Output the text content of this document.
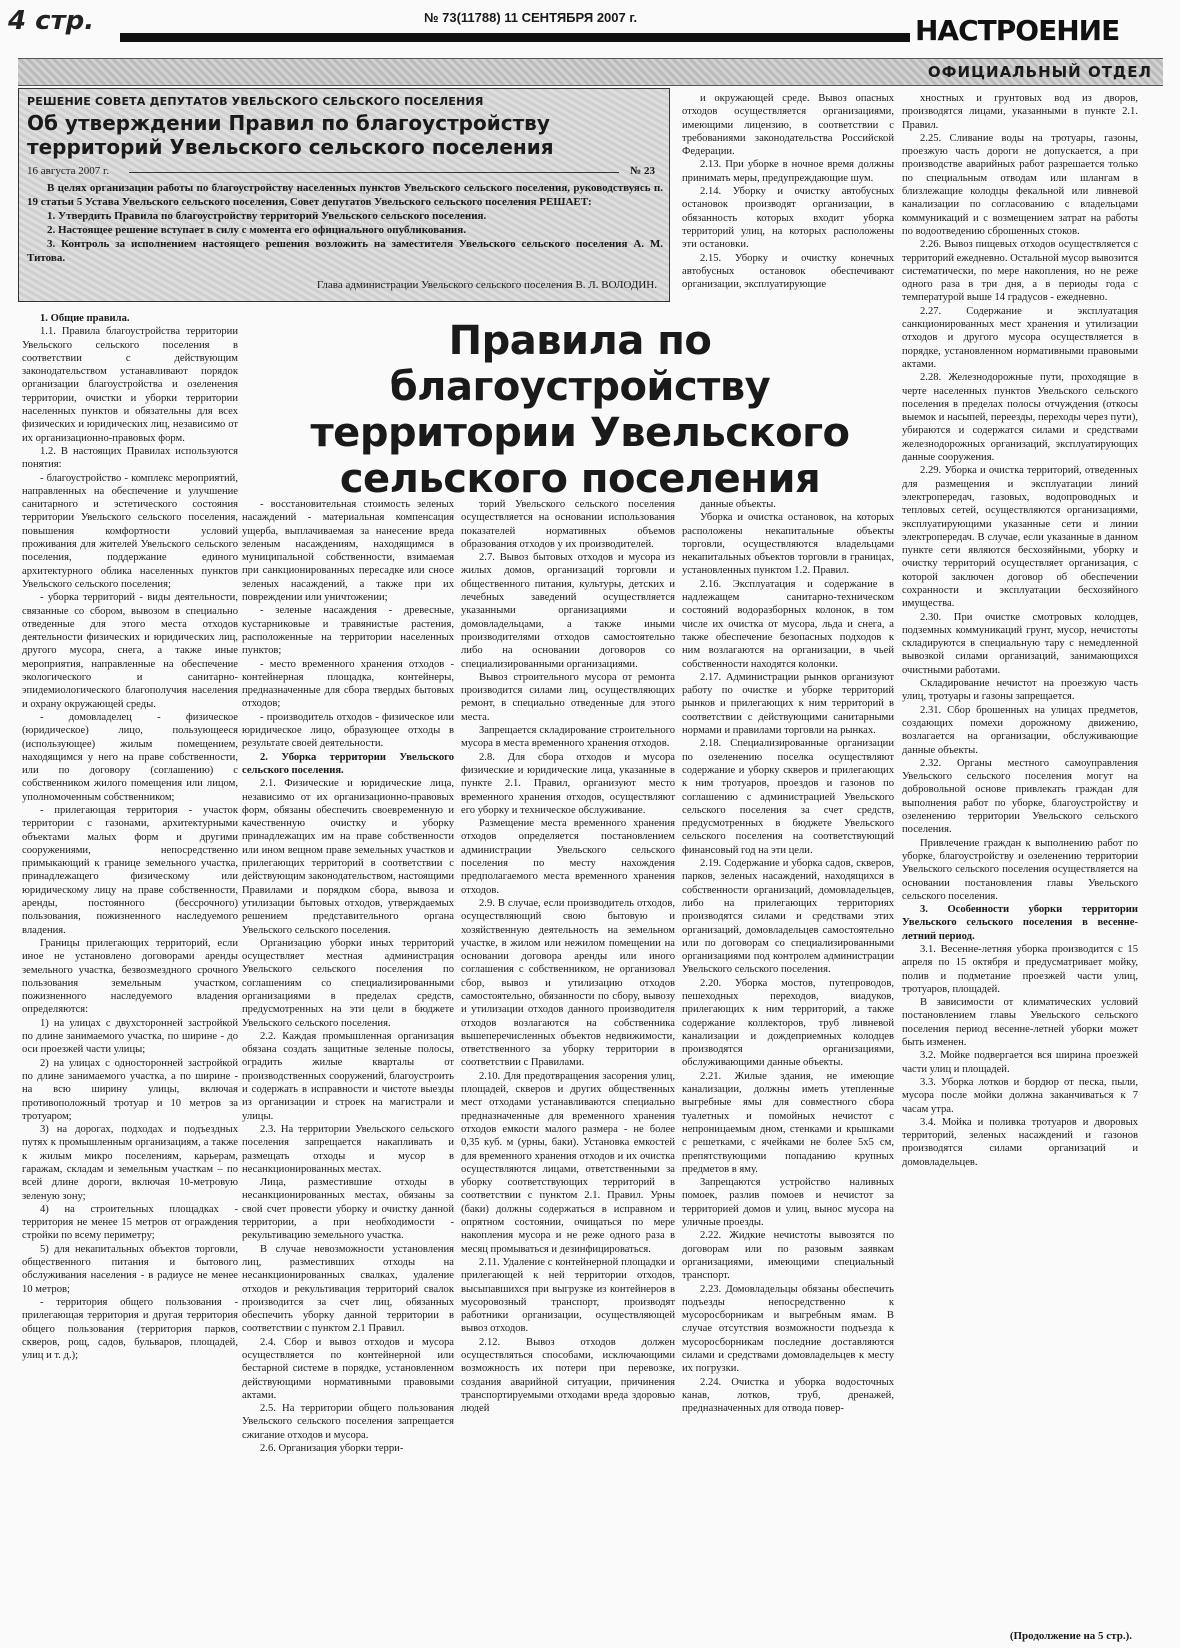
4 стр.	№ 73(11788) 11 СЕНТЯБРЯ 2007 г.	НАСТРОЕНИЕ
ОФИЦИАЛЬНЫЙ ОТДЕЛ
РЕШЕНИЕ СОВЕТА ДЕПУТАТОВ УВЕЛЬСКОГО СЕЛЬСКОГО ПОСЕЛЕНИЯ
Об утверждении Правил по благоустройству территорий Увельского сельского поселения
16 августа 2007 г.	№ 23

В целях организации работы по благоустройству населенных пунктов Увельского сельского поселения, руководствуясь п. 19 статьи 5 Устава Увельского сельского поселения, Совет депутатов Увельского сельского поселения РЕШАЕТ:

1. Утвердить Правила по благоустройству территорий Увельского сельского поселения.

2. Настоящее решение вступает в силу с момента его официального опубликования.

3. Контроль за исполнением настоящего решения возложить на заместителя Увельского сельского поселения А. М. Титова.

Глава администрации Увельского сельского поселения В. Л. ВОЛОДИН.
Правила по благоустройству территории Увельского сельского поселения

1. Общие правила.

1.1. Правила благоустройства территории Увельского сельского поселения в соответствии с действующим законодательством устанавливают порядок организации благоустройства и озеленения территории, очистки и уборки территории населенных пунктов и обязательны для всех физических и юридических лиц, независимо от их организационно-правовых форм.

1.2. В настоящих Правилах используются понятия:

- благоустройство - комплекс мероприятий, направленных на обеспечение и улучшение санитарного и эстетического состояния территории Увельского сельского поселения, повышения комфортности условий проживания для жителей Увельского сельского поселения, поддержание единого архитектурного облика населенных пунктов Увельского сельского поселения;

- уборка территорий - виды деятельности, связанные со сбором, вывозом в специально отведенные для этого места отходов деятельности физических и юридических лиц, другого мусора, снега, а также иные мероприятия, направленные на обеспечение экологического и санитарно-эпидемиологического благополучия населения и охрану окружающей среды.

- домовладелец - физическое (юридическое) лицо, пользующееся (использующее) жилым помещением, находящимся у него на праве собственности, или по договору (соглашению) с собственником жилого помещения или лицом, уполномоченным собственником;

- прилегающая территория - участок территории с газонами, архитектурными объектами малых форм и другими сооружениями, непосредственно примыкающий к границе земельного участка, принадлежащего физическому или юридическому лицу на праве собственности, аренды, постоянного (бессрочного) пользования, пожизненного наследуемого владения.

Границы прилегающих территорий, если иное не установлено договорами аренды земельного участка, безвозмездного срочного пользования земельным участком, пожизненного наследуемого владения определяются:

1) на улицах с двухсторонней застройкой по длине занимаемого участка, по ширине - до оси проезжей части улицы;

2) на улицах с односторонней застройкой по длине занимаемого участка, а по ширине - на всю ширину улицы, включая противоположный тротуар и 10 метров за тротуаром;

3) на дорогах, подходах и подъездных путях к промышленным организациям, а также к жилым микро поселениям, карьерам, гаражам, складам и земельным участкам – по всей длине дороги, включая 10-метровую зеленую зону;

4) на строительных площадках - территория не менее 15 метров от ограждения стройки по всему периметру;

5) для некапитальных объектов торговли, общественного питания и бытового обслуживания населения - в радиусе не менее 10 метров;

- территория общего пользования - прилегающая территория и другая территория общего пользования (территория парков, скверов, рощ, садов, бульваров, площадей, улиц и т. д.);

- восстановительная стоимость зеленых насаждений - материальная компенсация ущерба, выплачиваемая за нанесение вреда зеленым насаждениям, находящимся в муниципальной собственности, взимаемая при санкционированных пересадке или сносе зеленых насаждений, а также при их повреждении или уничтожении;

- зеленые насаждения - древесные, кустарниковые и травянистые растения, расположенные на территории населенных пунктов;

- место временного хранения отходов - контейнерная площадка, контейнеры, предназначенные для сбора твердых бытовых отходов;

- производитель отходов - физическое или юридическое лицо, образующее отходы в результате своей деятельности.

2. Уборка территории Увельского сельского поселения.

2.1. Физические и юридические лица, независимо от их организационно-правовых форм, обязаны обеспечить своевременную и качественную очистку и уборку принадлежащих им на праве собственности или ином вещном праве земельных участков и прилегающих территорий в соответствии с действующим законодательством, настоящими Правилами и порядком сбора, вывоза и утилизации бытовых отходов, утверждаемых решением представительного органа Увельского сельского поселения.

Организацию уборки иных территорий осуществляет местная администрация Увельского сельского поселения по соглашениям со специализированными организациями в пределах средств, предусмотренных на эти цели в бюджете Увельского сельского поселения.

2.2. Каждая промышленная организация обязана создать защитные зеленые полосы, оградить жилые кварталы от производственных сооружений, благоустроить и содержать в исправности и чистоте выезды из организации и строек на магистрали и улицы.

2.3. На территории Увельского сельского поселения запрещается накапливать и размещать отходы и мусор в несанкционированных местах.

Лица, разместившие отходы в несанкционированных местах, обязаны за свой счет провести уборку и очистку данной территории, а при необходимости - рекультивацию земельного участка.

В случае невозможности установления лиц, разместивших отходы на несанкционированных свалках, удаление отходов и рекультивация территорий свалок производится за счет лиц, обязанных обеспечить уборку данной территории в соответствии с пунктом 2.1 Правил.

2.4. Сбор и вывоз отходов и мусора осуществляется по контейнерной или бестарной системе в порядке, установленном действующими нормативными правовыми актами.

2.5. На территории общего пользования Увельского сельского поселения запрещается сжигание отходов и мусора.

2.6. Организация уборки терри-

торий Увельского сельского поселения осуществляется на основании использования показателей нормативных объемов образования отходов у их производителей.

2.7. Вывоз бытовых отходов и мусора из жилых домов, организаций торговли и общественного питания, культуры, детских и лечебных заведений осуществляется указанными организациями и домовладельцами, а также иными производителями отходов самостоятельно либо на основании договоров со специализированными организациями.

Вывоз строительного мусора от ремонта производится силами лиц, осуществляющих ремонт, в специально отведенные для этого места.

Запрещается складирование строительного мусора в места временного хранения отходов.

2.8. Для сбора отходов и мусора физические и юридические лица, указанные в пункте 2.1. Правил, организуют место временного хранения отходов, осуществляют его уборку и техническое обслуживание.

Размещение места временного хранения отходов определяется постановлением администрации Увельского сельского поселения по месту нахождения предполагаемого места временного хранения отходов.

2.9. В случае, если производитель отходов, осуществляющий свою бытовую и хозяйственную деятельность на земельном участке, в жилом или нежилом помещении на основании договора аренды или иного соглашения с собственником, не организовал сбор, вывоз и утилизацию отходов самостоятельно, обязанности по сбору, вывозу и утилизации отходов данного производителя отходов возлагаются на собственника вышеперечисленных объектов недвижимости, ответственного за уборку территории в соответствии с Правилами.

2.10. Для предотвращения засорения улиц, площадей, скверов и других общественных мест отходами устанавливаются специально предназначенные для временного хранения отходов емкости малого размера - не более 0,35 куб. м (урны, баки). Установка емкостей для временного хранения отходов и их очистка осуществляются лицами, ответственными за уборку соответствующих территорий в соответствии с пунктом 2.1. Правил. Урны (баки) должны содержаться в исправном и опрятном состоянии, очищаться по мере накопления мусора и не реже одного раза в месяц промываться и дезинфицироваться.

2.11. Удаление с контейнерной площадки и прилегающей к ней территории отходов, высыпавшихся при выгрузке из контейнеров в мусоровозный транспорт, производят работники организации, осуществляющей вывоз отходов.

2.12. Вывоз отходов должен осуществляться способами, исключающими возможность их потери при перевозке, создания аварийной ситуации, причинения транспортируемыми отходами вреда здоровью людей

и окружающей среде. Вывоз опасных отходов осуществляется организациями, имеющими лицензию, в соответствии с требованиями законодательства Российской Федерации.

2.13. При уборке в ночное время должны принимать меры, предупреждающие шум.

2.14. Уборку и очистку автобусных остановок производят организации, в обязанность которых входит уборка территорий улиц, на которых расположены эти остановки.

2.15. Уборку и очистку конечных автобусных остановок обеспечивают организации, эксплуатирующие

данные объекты.

Уборка и очистка остановок, на которых расположены некапитальные объекты торговли, осуществляются владельцами некапитальных объектов торговли в границах, установленных пунктом 1.2. Правил.

2.16. Эксплуатация и содержание в надлежащем санитарно-техническом состояний водоразборных колонок, в том числе их очистка от мусора, льда и снега, а также обеспечение безопасных подходов к ним возлагаются на организации, в чьей собственности находятся колонки.

2.17. Администрации рынков организуют работу по очистке и уборке территорий рынков и прилегающих к ним территорий в соответствии с действующими санитарными нормами и правилами торговли на рынках.

2.18. Специализированные организации по озеленению поселка осуществляют содержание и уборку скверов и прилегающих к ним тротуаров, проездов и газонов по соглашению с администрацией Увельского сельского поселения за счет средств, предусмотренных в бюджете Увельского сельского поселения на соответствующий финансовый год на эти цели.

2.19. Содержание и уборка садов, скверов, парков, зеленых насаждений, находящихся в собственности организаций, домовладельцев, либо на прилегающих территориях производятся силами и средствами этих организаций, домовладельцев самостоятельно или по договорам со специализированными организациями под контролем администрации Увельского сельского поселения.

2.20. Уборка мостов, путепроводов, пешеходных переходов, виадуков, прилегающих к ним территорий, а также содержание коллекторов, труб ливневой канализации и дождеприемных колодцев производятся организациями, обслуживающими данные объекты.

2.21. Жилые здания, не имеющие канализации, должны иметь утепленные выгребные ямы для совместного сбора туалетных и помойных нечистот с непроницаемым дном, стенками и крышками с решетками, с ячейками не более 5х5 см, препятствующими попаданию крупных предметов в яму.

Запрещаются устройство наливных помоек, разлив помоев и нечистот за территорией домов и улиц, вынос мусора на уличные проезды.

2.22. Жидкие нечистоты вывозятся по договорам или по разовым заявкам организациями, имеющими специальный транспорт.

2.23. Домовладельцы обязаны обеспечить подъезды непосредственно к мусоросборникам и выгребным ямам. В случае отсутствия возможности подъезда к мусоросборникам последние доставляются силами и средствами домовладельцев к месту их погрузки.

2.24. Очистка и уборка водосточных канав, лотков, труб, дренажей, предназначенных для отвода повер-

хностных и грунтовых вод из дворов, производятся лицами, указанными в пункте 2.1. Правил.

2.25. Сливание воды на тротуары, газоны, проезжую часть дороги не допускается, а при производстве аварийных работ разрешается только по специальным отводам или шлангам в близлежащие колодцы фекальной или ливневой канализации по согласованию с владельцами коммуникаций и с возмещением затрат на работы по водоотведению сброшенных стоков.

2.26. Вывоз пищевых отходов осуществляется с территорий ежедневно. Остальной мусор вывозится систематически, по мере накопления, но не реже одного раза в три дня, а в периоды года с температурой выше 14 градусов - ежедневно.

2.27. Содержание и эксплуатация санкционированных мест хранения и утилизации отходов и другого мусора осуществляется в порядке, установленном нормативными правовыми актами.

2.28. Железнодорожные пути, проходящие в черте населенных пунктов Увельского сельского поселения в пределах полосы отчуждения (откосы выемок и насыпей, переезды, переходы через пути), убираются и содержатся силами и средствами железнодорожных организаций, эксплуатирующих данные сооружения.

2.29. Уборка и очистка территорий, отведенных для размещения и эксплуатации линий электропередач, газовых, водопроводных и тепловых сетей, осуществляются организациями, эксплуатирующими указанные сети и линии электропередач. В случае, если указанные в данном пункте сети являются бесхозяйными, уборку и очистку территорий осуществляет организация, с которой заключен договор об обеспечении сохранности и эксплуатации бесхозяйного имущества.

2.30. При очистке смотровых колодцев, подземных коммуникаций грунт, мусор, нечистоты складируются в специальную тару с немедленной вывозкой силами организаций, занимающихся очистными работами.

Складирование нечистот на проезжую часть улиц, тротуары и газоны запрещается.

2.31. Сбор брошенных на улицах предметов, создающих помехи дорожному движению, возлагается на организации, обслуживающие данные объекты.

2.32. Органы местного самоуправления Увельского сельского поселения могут на добровольной основе привлекать граждан для выполнения работ по уборке, благоустройству и озеленению территории Увельского сельского поселения.

Привлечение граждан к выполнению работ по уборке, благоустройству и озеленению территории Увельского сельского поселения осуществляется на основании постановления главы Увельского сельского поселения.

3. Особенности уборки территории Увельского сельского поселения в весенне-летний период.

3.1. Весенне-летняя уборка производится с 15 апреля по 15 октября и предусматривает мойку, полив и подметание проезжей части улиц, тротуаров, площадей.

В зависимости от климатических условий постановлением главы Увельского сельского поселения период весенне-летней уборки может быть изменен.

3.2. Мойке подвергается вся ширина проезжей части улиц и площадей.

3.3. Уборка лотков и бордюр от песка, пыли, мусора после мойки должна заканчиваться к 7 часам утра.

3.4. Мойка и поливка тротуаров и дворовых территорий, зеленых насаждений и газонов производятся силами организаций и домовладельцев.

(Продолжение на 5 стр.).
